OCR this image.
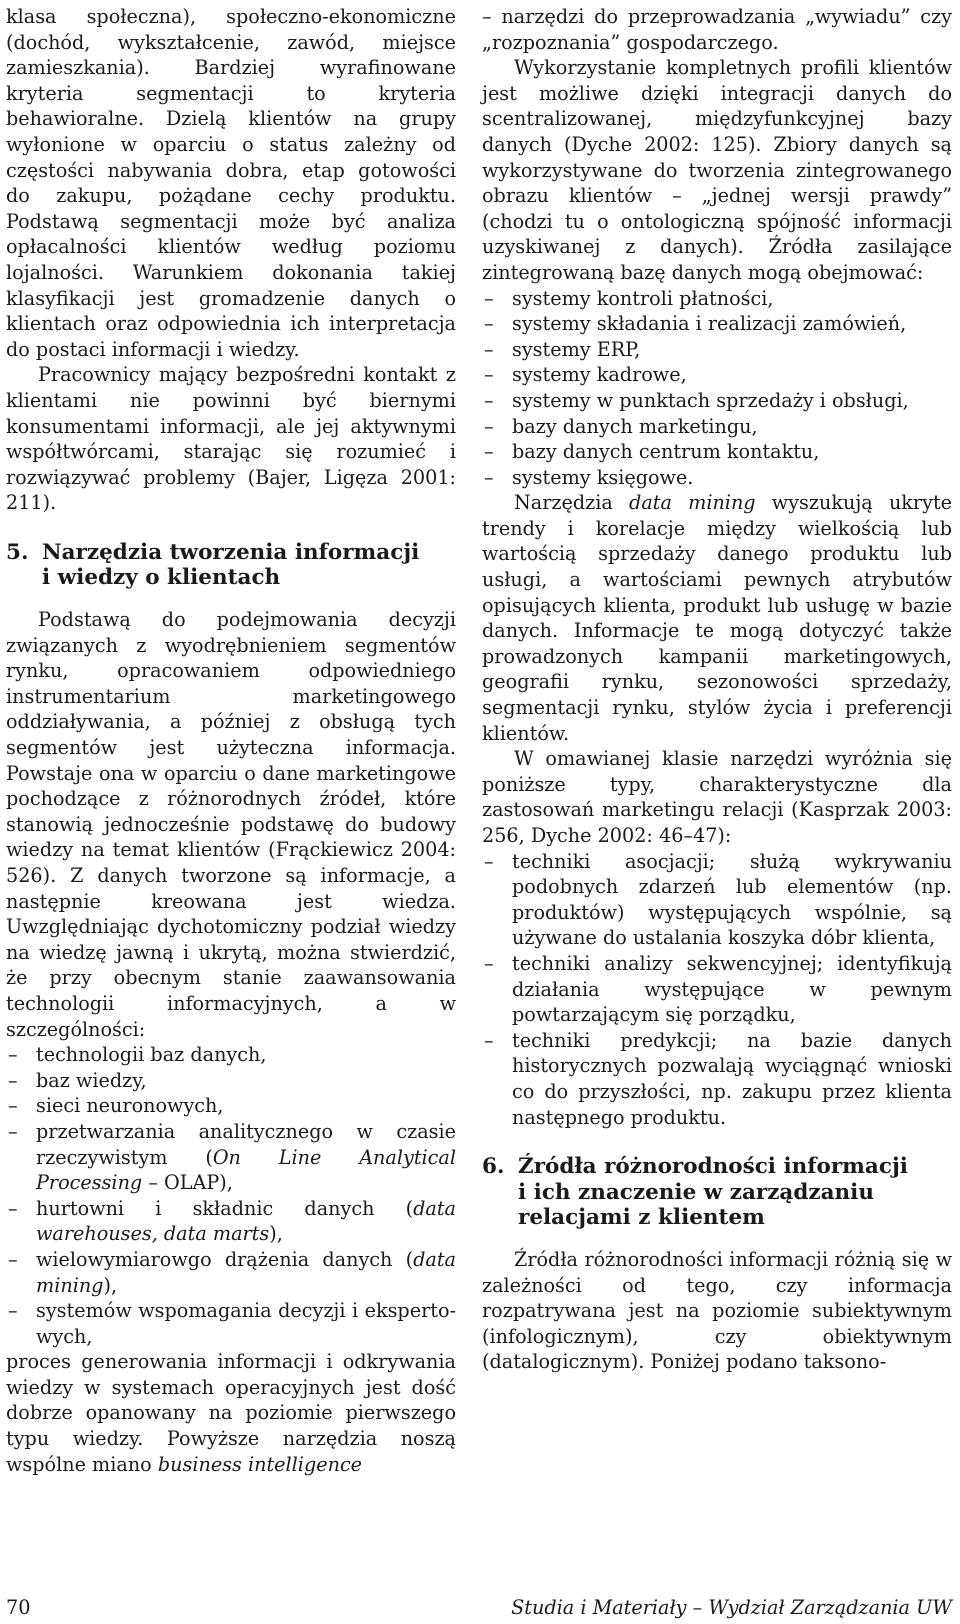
klasa społeczna), społeczno-ekonomiczne (dochód, wykształcenie, zawód, miejsce zamieszkania). Bardziej wyrafinowane kryteria segmentacji to kryteria behawioralne. Dzielą klientów na grupy wyłonione w oparciu o status zależny od częstości nabywania dobra, etap gotowości do zakupu, pożądane cechy produktu. Podstawą segmentacji może być analiza opłacalności klientów według poziomu lojalności. Warunkiem dokonania takiej klasyfikacji jest gromadzenie danych o klientach oraz odpowiednia ich interpretacja do postaci informacji i wiedzy.

Pracownicy mający bezpośredni kontakt z klientami nie powinni być biernymi konsumentami informacji, ale jej aktywnymi współtwórcami, starając się rozumieć i rozwiązywać problemy (Bajer, Ligęza 2001: 211).

5. Narzędzia tworzenia informacji
i wiedzy o klientach

Podstawą do podejmowania decyzji związanych z wyodrębnieniem segmentów rynku, opracowaniem odpowiedniego instrumentarium marketingowego oddziaływania, a później z obsługą tych segmentów jest użyteczna informacja. Powstaje ona w oparciu o dane marketingowe pochodzące z różnorodnych źródeł, które stanowią jednocześnie podstawę do budowy wiedzy na temat klientów (Frąckiewicz 2004: 526). Z danych tworzone są informacje, a następnie kreowana jest wiedza. Uwzględniając dychotomiczny podział wiedzy na wiedzę jawną i ukrytą, można stwierdzić, że przy obecnym stanie zaawansowania technologii informacyjnych, a w szczególności:

– technologii baz danych,
– baz wiedzy,
– sieci neuronowych,
– przetwarzania analitycznego w czasie rzeczywistym (On Line Analytical Processing – OLAP),
– hurtowni i składnic danych (data warehouses, data marts),
– wielowymiarowgo drążenia danych (data mining),
– systemów wspomagania decyzji i ekspertowych,

proces generowania informacji i odkrywania wiedzy w systemach operacyjnych jest dość dobrze opanowany na poziomie pierwszego typu wiedzy. Powyższe narzędzia noszą wspólne miano business intelligence

– narzędzi do przeprowadzania „wywiadu” czy „rozpoznania” gospodarczego.

Wykorzystanie kompletnych profili klientów jest możliwe dzięki integracji danych do scentralizowanej, międzyfunkcyjnej bazy danych (Dyche 2002: 125). Zbiory danych są wykorzystywane do tworzenia zintegrowanego obrazu klientów – „jednej wersji prawdy” (chodzi tu o ontologiczną spójność informacji uzyskiwanej z danych). Źródła zasilające zintegrowaną bazę danych mogą obejmować:

– systemy kontroli płatności,
– systemy składania i realizacji zamówień,
– systemy ERP,
– systemy kadrowe,
– systemy w punktach sprzedaży i obsługi,
– bazy danych marketingu,
– bazy danych centrum kontaktu,
– systemy księgowe.

Narzędzia data mining wyszukują ukryte trendy i korelacje między wielkością lub wartością sprzedaży danego produktu lub usługi, a wartościami pewnych atrybutów opisujących klienta, produkt lub usługę w bazie danych. Informacje te mogą dotyczyć także prowadzonych kampanii marketingowych, geografii rynku, sezonowości sprzedaży, segmentacji rynku, stylów życia i preferencji klientów.

W omawianej klasie narzędzi wyróżnia się poniższe typy, charakterystyczne dla zastosowań marketingu relacji (Kasprzak 2003: 256, Dyche 2002: 46–47):

– techniki asocjacji; służą wykrywaniu podobnych zdarzeń lub elementów (np. produktów) występujących wspólnie, są używane do ustalania koszyka dóbr klienta,
– techniki analizy sekwencyjnej; identyfikują działania występujące w pewnym powtarzającym się porządku,
– techniki predykcji; na bazie danych historycznych pozwalają wyciągnąć wnioski co do przyszłości, np. zakupu przez klienta następnego produktu.
6. Źródła różnorodności informacji
i ich znaczenie w zarządzaniu
relacjami z klientem

Źródła różnorodności informacji różnią się w zależności od tego, czy informacja rozpatrywana jest na poziomie subiektywnym (infologicznym), czy obiektywnym (datalogicznym). Poniżej podano taksono-

70	Studia i Materiały – Wydział Zarządzania UW
